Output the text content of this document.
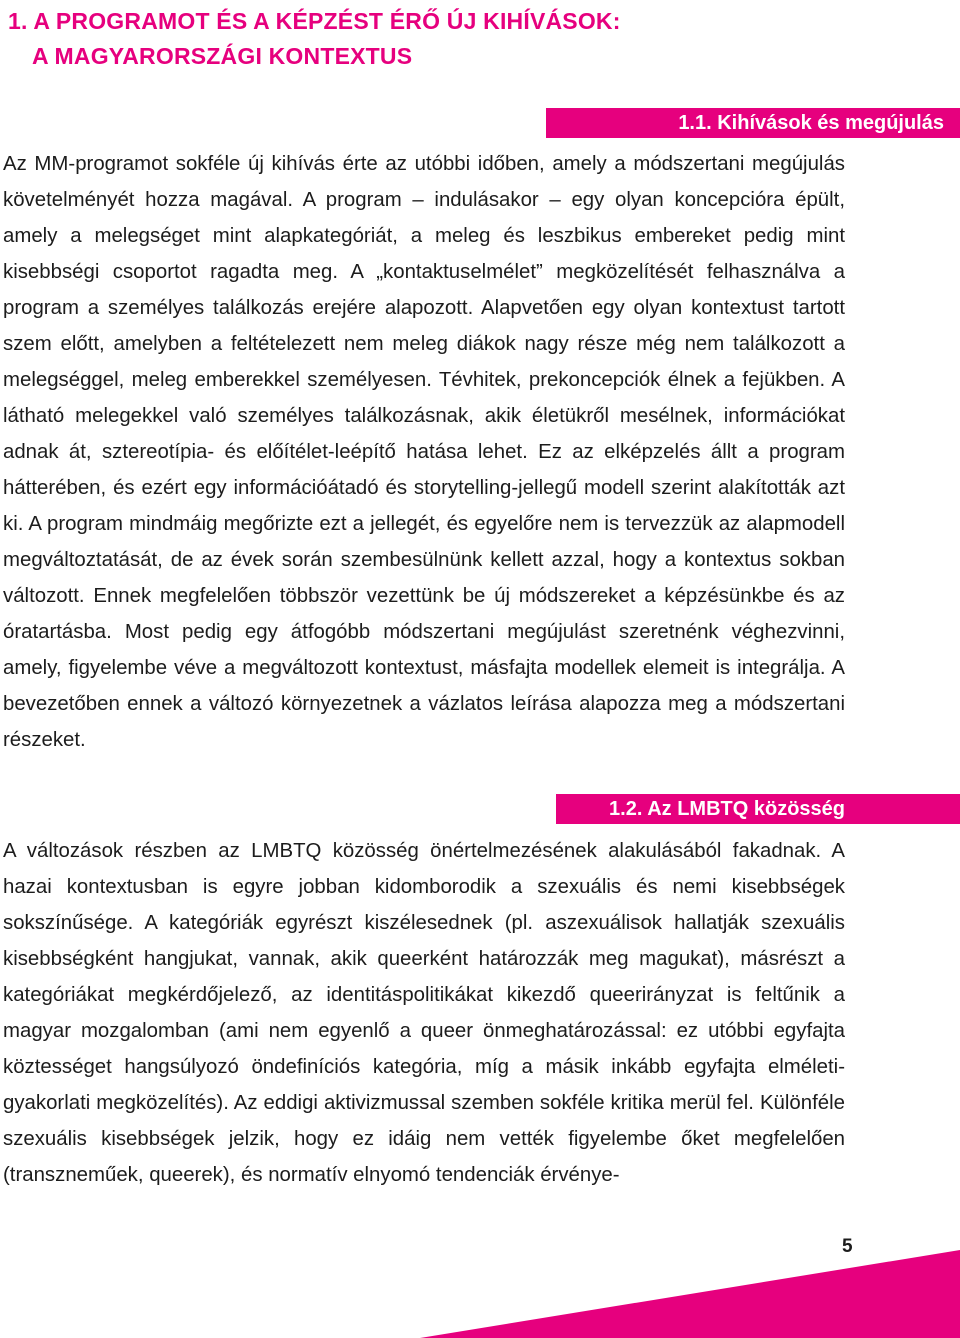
1. A PROGRAMOT ÉS A KÉPZÉST ÉRŐ ÚJ KIHÍVÁSOK:
A MAGYARORSZÁGI KONTEXTUS
1.1. Kihívások és megújulás

Az MM-programot sokféle új kihívás érte az utóbbi időben, amely a módszertani megújulás követelményét hozza magával. A program – indulásakor – egy olyan koncepcióra épült, amely a melegséget mint alapkategóriát, a meleg és leszbikus embereket pedig mint kisebbségi csoportot ragadta meg. A „kontaktuselmélet” megközelítését felhasználva a program a személyes találkozás erejére alapozott. Alapvetően egy olyan kontextust tartott szem előtt, amelyben a feltételezett nem meleg diákok nagy része még nem találkozott a melegséggel, meleg emberekkel személyesen. Tévhitek, prekoncepciók élnek a fejükben. A látható melegekkel való személyes találkozásnak, akik életükről mesélnek, információkat adnak át, sztereotípia- és előítélet-leépítő hatása lehet. Ez az elképzelés állt a program hátterében, és ezért egy információátadó és storytelling-jellegű modell szerint alakították azt ki. A program mindmáig megőrizte ezt a jellegét, és egyelőre nem is tervezzük az alapmodell megváltoztatását, de az évek során szembesülnünk kellett azzal, hogy a kontextus sokban változott. Ennek megfelelően többször vezettünk be új módszereket a képzésünkbe és az óratartásba. Most pedig egy átfogóbb módszertani megújulást szeretnénk véghezvinni, amely, figyelembe véve a megváltozott kontextust, másfajta modellek elemeit is integrálja. A bevezetőben ennek a változó környezetnek a vázlatos leírása alapozza meg a módszertani részeket.

1.2. Az LMBTQ közösség

A változások részben az LMBTQ közösség önértelmezésének alakulásából fakadnak. A hazai kontextusban is egyre jobban kidomborodik a szexuális és nemi kisebbségek sokszínűsége. A kategóriák egyrészt kiszélesednek (pl. aszexuálisok hallatják szexuális kisebbségként hangjukat, vannak, akik queerként határozzák meg magukat), másrészt a kategóriákat megkérdőjelező, az identitáspolitikákat kikezdő queerirányzat is feltűnik a magyar mozgalomban (ami nem egyenlő a queer önmeghatározással: ez utóbbi egyfajta köztességet hangsúlyozó öndefiníciós kategória, míg a másik inkább egyfajta elméleti-gyakorlati megközelítés). Az eddigi aktivizmussal szemben sokféle kritika merül fel. Különféle szexuális kisebbségek jelzik, hogy ez idáig nem vették figyelembe őket megfelelően (transzneműek, queerek), és normatív elnyomó tendenciák érvénye-

5
